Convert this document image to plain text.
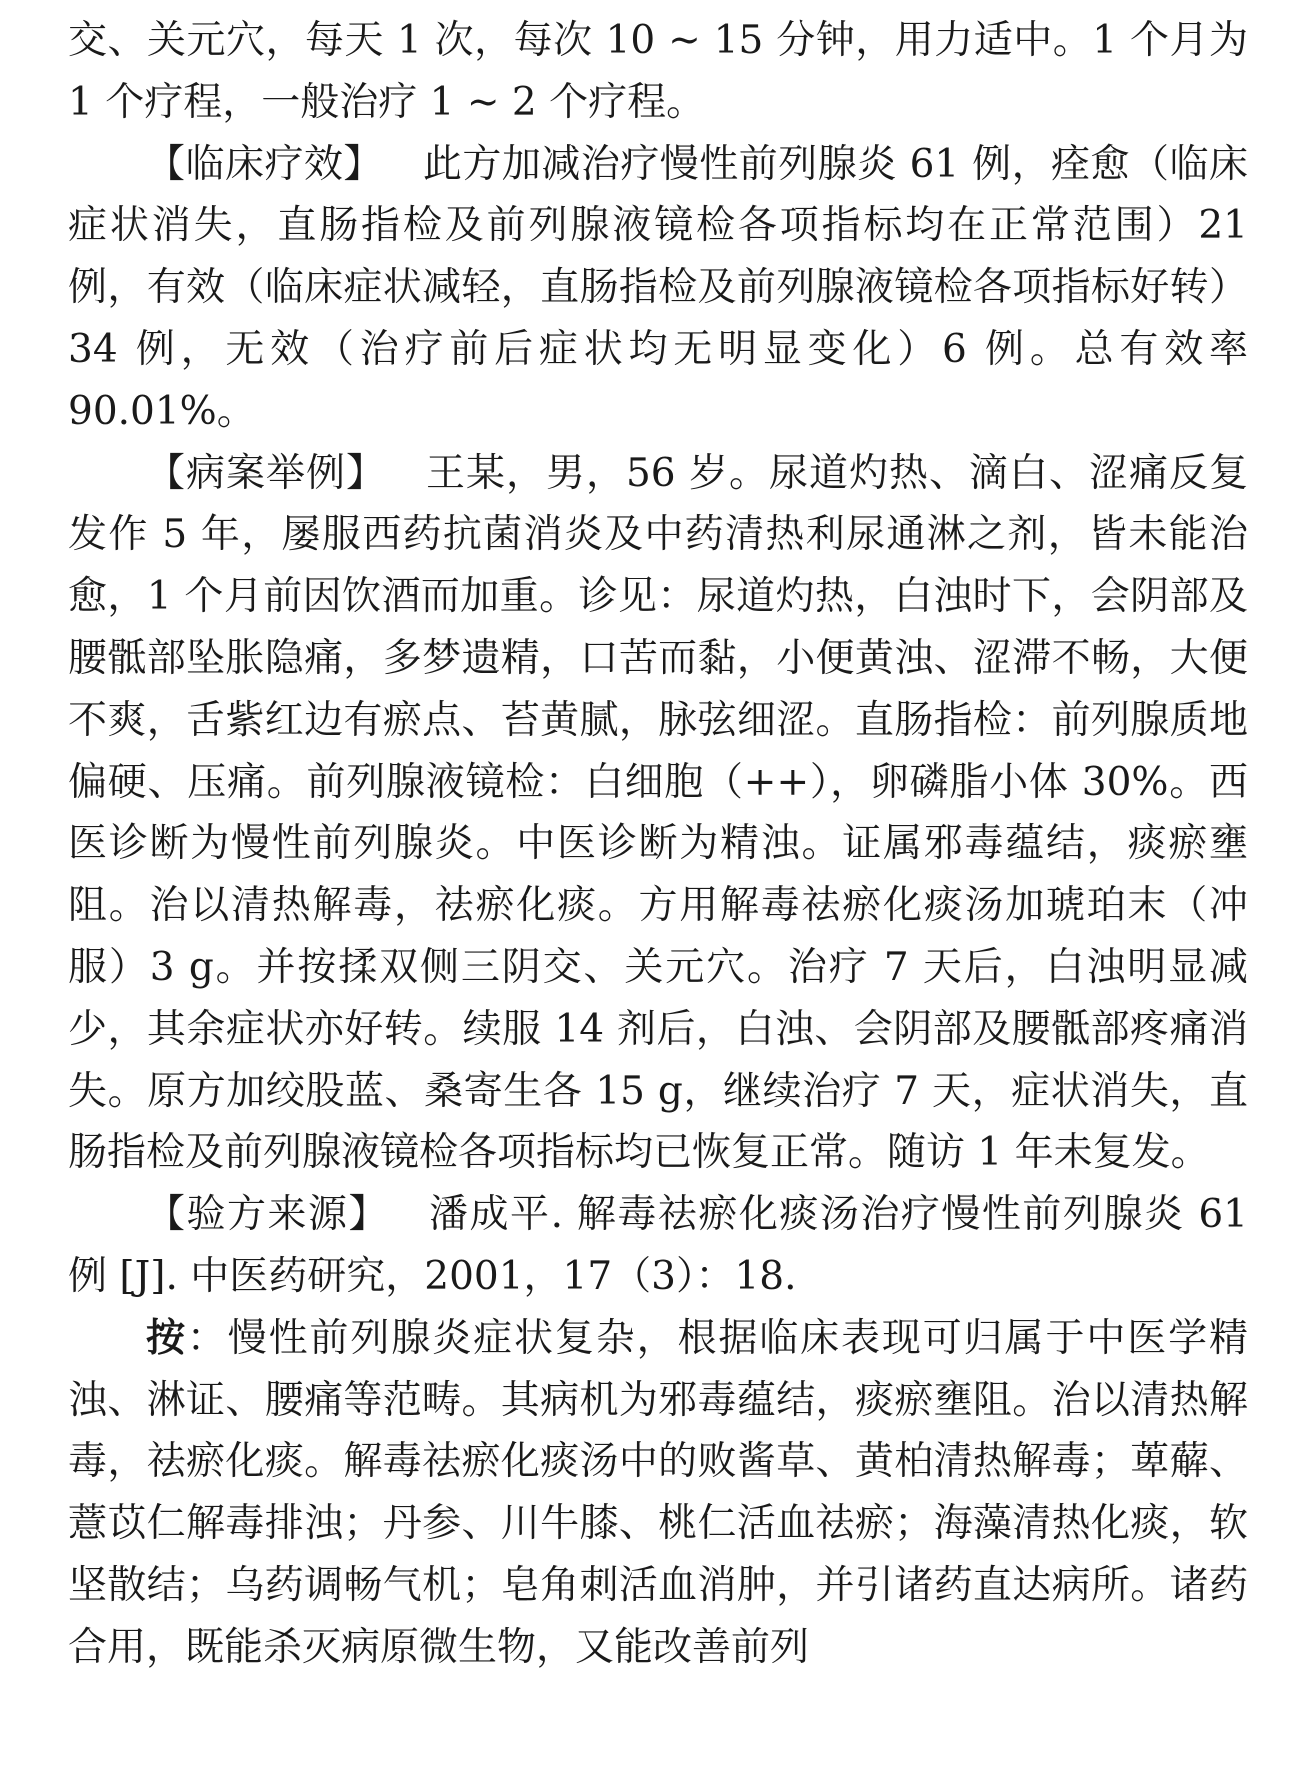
交、关元穴，每天 1 次，每次 10 ~ 15 分钟，用力适中。1 个月为 1 个疗程，一般治疗 1 ~ 2 个疗程。

【临床疗效】 此方加减治疗慢性前列腺炎 61 例，痊愈（临床症状消失，直肠指检及前列腺液镜检各项指标均在正常范围）21 例，有效（临床症状减轻，直肠指检及前列腺液镜检各项指标好转）34 例，无效（治疗前后症状均无明显变化）6 例。总有效率 90.01%。

【病案举例】 王某，男，56 岁。尿道灼热、滴白、涩痛反复发作 5 年，屡服西药抗菌消炎及中药清热利尿通淋之剂，皆未能治愈，1 个月前因饮酒而加重。诊见：尿道灼热，白浊时下，会阴部及腰骶部坠胀隐痛，多梦遗精，口苦而黏，小便黄浊、涩滞不畅，大便不爽，舌紫红边有瘀点、苔黄腻，脉弦细涩。直肠指检：前列腺质地偏硬、压痛。前列腺液镜检：白细胞（++），卵磷脂小体 30%。西医诊断为慢性前列腺炎。中医诊断为精浊。证属邪毒蕴结，痰瘀壅阻。治以清热解毒，祛瘀化痰。方用解毒祛瘀化痰汤加琥珀末（冲服）3 g。并按揉双侧三阴交、关元穴。治疗 7 天后，白浊明显减少，其余症状亦好转。续服 14 剂后，白浊、会阴部及腰骶部疼痛消失。原方加绞股蓝、桑寄生各 15 g，继续治疗 7 天，症状消失，直肠指检及前列腺液镜检各项指标均已恢复正常。随访 1 年未复发。

【验方来源】 潘成平. 解毒祛瘀化痰汤治疗慢性前列腺炎 61 例 [J]. 中医药研究，2001，17（3）：18.

按：慢性前列腺炎症状复杂，根据临床表现可归属于中医学精浊、淋证、腰痛等范畴。其病机为邪毒蕴结，痰瘀壅阻。治以清热解毒，祛瘀化痰。解毒祛瘀化痰汤中的败酱草、黄柏清热解毒；萆薢、薏苡仁解毒排浊；丹参、川牛膝、桃仁活血祛瘀；海藻清热化痰，软坚散结；乌药调畅气机；皂角刺活血消肿，并引诸药直达病所。诸药合用，既能杀灭病原微生物，又能改善前列
